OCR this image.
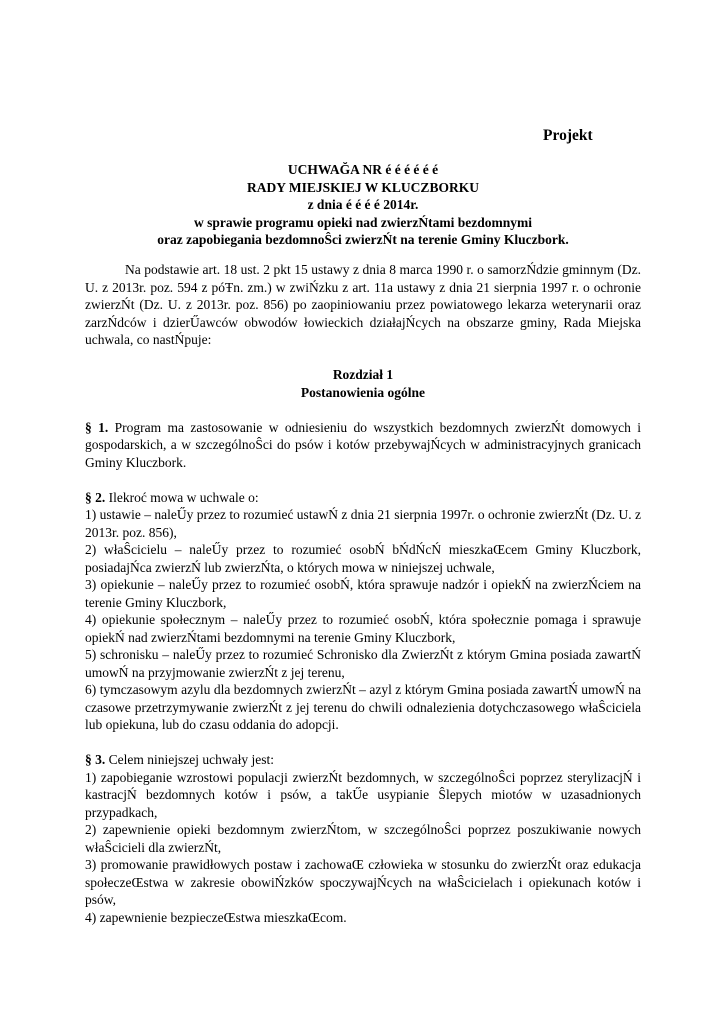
Projekt
UCHWAĞA NR é é é é é é
RADY MIEJSKIEJ W KLUCZBORKU
z dnia é é é é 2014r.
w sprawie programu opieki nad zwierzŃtami bezdomnymi
oraz zapobiegania bezdomnoŜci zwierzŃt na terenie Gminy Kluczbork.

Na podstawie art. 18 ust. 2 pkt 15 ustawy z dnia 8 marca 1990 r. o samorzŃdzie gminnym (Dz. U. z 2013r. poz. 594 z póŦn. zm.) w zwiŃzku z art. 11a ustawy z dnia 21 sierpnia 1997 r. o ochronie zwierzŃt (Dz. U. z 2013r. poz. 856) po zaopiniowaniu przez powiatowego lekarza weterynarii oraz zarzŃdców i dzierŰawców obwodów łowieckich działajŃcych na obszarze gminy, Rada Miejska uchwala, co nastŃpuje:

Rozdział 1

Postanowienia ogólne

§ 1. Program ma zastosowanie w odniesieniu do wszystkich bezdomnych zwierzŃt domowych i gospodarskich, a w szczególnoŜci do psów i kotów przebywajŃcych w administracyjnych granicach Gminy Kluczbork.

§ 2. Ilekroć mowa w uchwale o:

1) ustawie – naleŰy przez to rozumieć ustawŃ z dnia 21 sierpnia 1997r. o ochronie zwierzŃt (Dz. U. z 2013r. poz. 856),

2) właŜcicielu – naleŰy przez to rozumieć osobŃ bŃdŃcŃ mieszkaŒcem Gminy Kluczbork, posiadajŃca zwierzŃ lub zwierzŃta, o których mowa w niniejszej uchwale,

3) opiekunie – naleŰy przez to rozumieć osobŃ, która sprawuje nadzór i opiekŃ na zwierzŃciem na terenie Gminy Kluczbork,

4) opiekunie społecznym – naleŰy przez to rozumieć osobŃ, która społecznie pomaga i sprawuje opiekŃ nad zwierzŃtami bezdomnymi na terenie Gminy Kluczbork,

5) schronisku – naleŰy przez to rozumieć Schronisko dla ZwierzŃt z którym Gmina posiada zawartŃ umowŃ na przyjmowanie zwierzŃt z jej terenu,

6) tymczasowym azylu dla bezdomnych zwierzŃt – azyl z którym Gmina posiada zawartŃ umowŃ na czasowe przetrzymywanie zwierzŃt z jej terenu do chwili odnalezienia dotychczasowego właŜciciela lub opiekuna, lub do czasu oddania do adopcji.

§ 3. Celem niniejszej uchwały jest:

1) zapobieganie wzrostowi populacji zwierzŃt bezdomnych, w szczególnoŜci poprzez sterylizacjŃ i kastracjŃ bezdomnych kotów i psów, a takŰe usypianie Ŝlepych miotów w uzasadnionych przypadkach,

2) zapewnienie opieki bezdomnym zwierzŃtom, w szczególnoŜci poprzez poszukiwanie nowych właŜcicieli dla zwierzŃt,

3) promowanie prawidłowych postaw i zachowaŒ człowieka w stosunku do zwierzŃt oraz edukacja społeczeŒstwa w zakresie obowiŃzków spoczywajŃcych na właŜcicielach i opiekunach kotów i psów,

4) zapewnienie bezpieczeŒstwa mieszkaŒcom.
